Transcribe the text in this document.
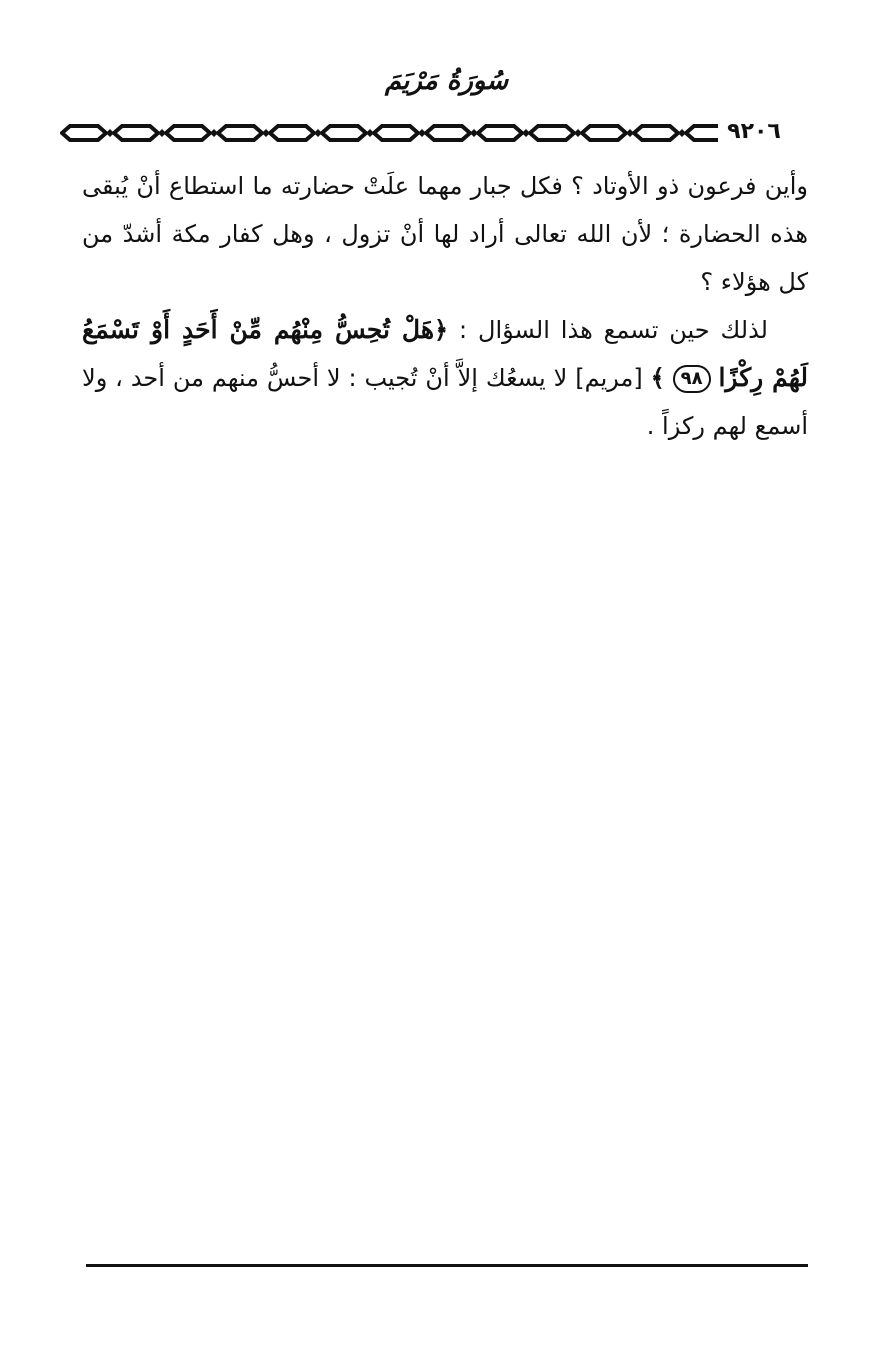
سُورَةُ مَرْيَمَ
٩٢٠٦
وأين فرعون ذو الأوتاد ؟ فكل جبار مهما علَتْ حضارته ما استطاع أنْ يُبقى هذه الحضارة ؛ لأن الله تعالى أراد لها أنْ تزول ، وهل كفار مكة أشدّ من كل هؤلاء ؟
لذلك حين تسمع هذا السؤال : ﴿هَلْ تُحِسُّ مِنْهُم مِّنْ أَحَدٍ أَوْ تَسْمَعُ لَهُمْ رِكْزًا ٩٨ ﴾ [مريم] لا يسعُك إلاَّ أنْ تُجيب : لا أحسُّ منهم من أحد ، ولا أسمع لهم ركزاً .
